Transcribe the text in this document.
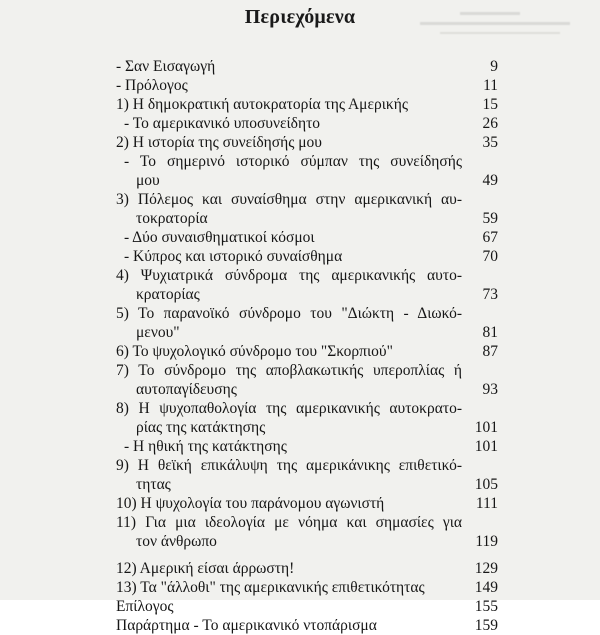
Περιεχόμενα
- Σαν Εισαγωγή	9
- Πρόλογος	11
1) Η δημοκρατική αυτοκρατορία της Αμερικής	15
- Το αμερικανικό υποσυνείδητο	26
2) Η ιστορία της συνείδησής μου	35
- Το σημερινό ιστορικό σύμπαν της συνείδησής
μου	49
3) Πόλεμος και συναίσθημα στην αμερικανική αυ-
τοκρατορία	59
- Δύο συναισθηματικοί κόσμοι	67
- Κύπρος και ιστορικό συναίσθημα	70
4) Ψυχιατρικά σύνδρομα της αμερικανικής αυτο-
κρατορίας	73
5) Το παρανοϊκό σύνδρομο του "Διώκτη - Διωκό-
μενου"	81
6) Το ψυχολογικό σύνδρομο του "Σκορπιού"	87
7) Το σύνδρομο της αποβλακωτικής υπεροπλίας ή
αυτοπαγίδευσης	93
8) Η ψυχοπαθολογία της αμερικανικής αυτοκρατο-
ρίας της κατάκτησης	101
- Η ηθική της κατάκτησης	101
9) Η θεϊκή επικάλυψη της αμερικάνικης επιθετικό-
τητας	105
10) Η ψυχολογία του παράνομου αγωνιστή	111
11) Για μια ιδεολογία με νόημα και σημασίες για
τον άνθρωπο	119
12) Αμερική είσαι άρρωστη!	129
13) Τα "άλλοθι" της αμερικανικής επιθετικότητας	149
Επίλογος	155
Παράρτημα - Το αμερικανικό ντοπάρισμα	159
